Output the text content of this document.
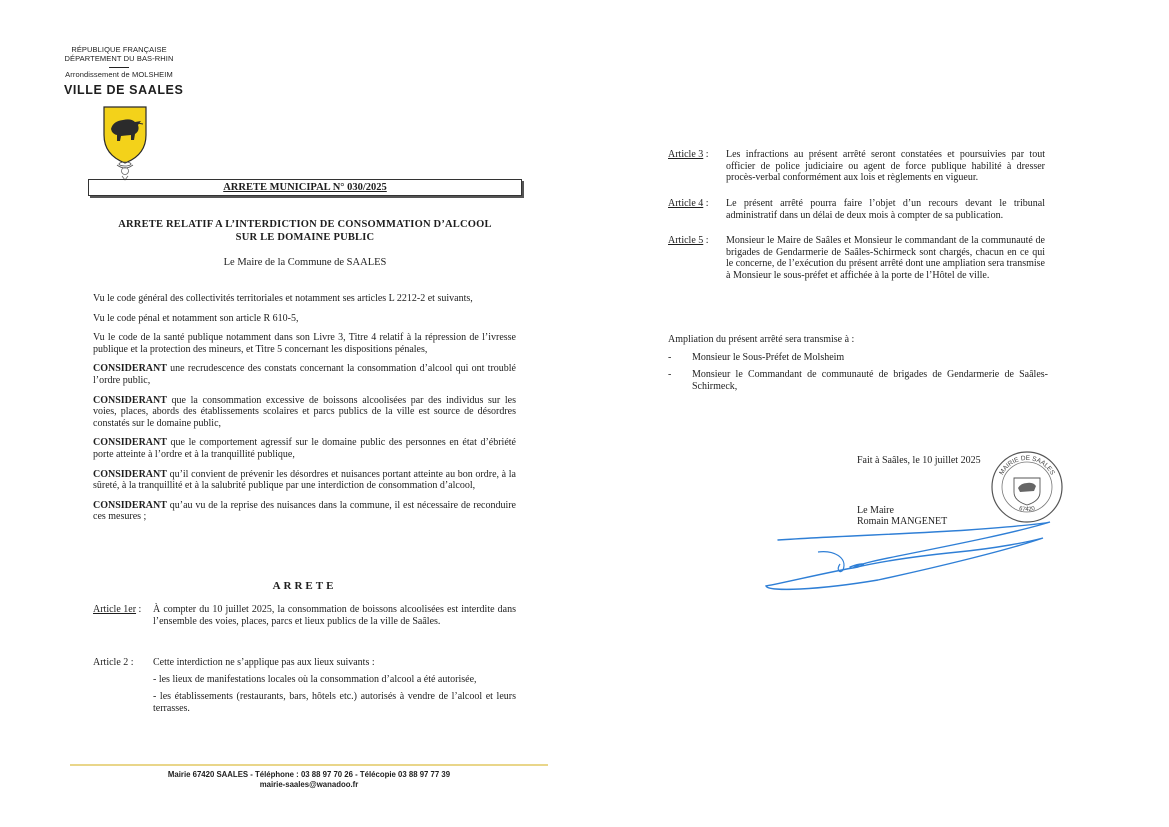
RÉPUBLIQUE FRANÇAISE
DÉPARTEMENT DU BAS-RHIN
Arrondissement de MOLSHEIM
VILLE DE SAALES
ARRETE MUNICIPAL N° 030/2025
ARRETE RELATIF A L’INTERDICTION DE CONSOMMATION D’ALCOOL
SUR LE DOMAINE PUBLIC
Le Maire de la Commune de SAALES

Vu le code général des collectivités territoriales et notamment ses articles L 2212-2 et suivants,

Vu le code pénal et notamment son article R 610-5,

Vu le code de la santé publique notamment dans son Livre 3, Titre 4 relatif à la répression de l’ivresse publique et la protection des mineurs, et Titre 5 concernant les dispositions pénales,

CONSIDERANT une recrudescence des constats concernant la consommation d’alcool qui ont troublé l’ordre public,

CONSIDERANT que la consommation excessive de boissons alcoolisées par des individus sur les voies, places, abords des établissements scolaires et parcs publics de la ville est source de désordres constatés sur le domaine public,

CONSIDERANT que le comportement agressif sur le domaine public des personnes en état d’ébriété porte atteinte à l’ordre et à la tranquillité publique,

CONSIDERANT qu’il convient de prévenir les désordres et nuisances portant atteinte au bon ordre, à la sûreté, à la tranquillité et à la salubrité publique par une interdiction de consommation d’alcool,

CONSIDERANT qu’au vu de la reprise des nuisances dans la commune, il est nécessaire de reconduire ces mesures ;

ARRETE
Article 1er : À compter du 10 juillet 2025, la consommation de boissons alcoolisées est interdite dans l’ensemble des voies, places, parcs et lieux publics de la ville de Saâles.
Article 2 : Cette interdiction ne s’applique pas aux lieux suivants :
- les lieux de manifestations locales où la consommation d’alcool a été autorisée,
- les établissements (restaurants, bars, hôtels etc.) autorisés à vendre de l’alcool et leurs terrasses.
Mairie 67420 SAALES - Téléphone : 03 88 97 70 26 - Télécopie 03 88 97 77 39
mairie-saales@wanadoo.fr
Article 3 : Les infractions au présent arrêté seront constatées et poursuivies par tout officier de police judiciaire ou agent de force publique habilité à dresser procès-verbal conformément aux lois et règlements en vigueur.
Article 4 : Le présent arrêté pourra faire l’objet d’un recours devant le tribunal administratif dans un délai de deux mois à compter de sa publication.
Article 5 : Monsieur le Maire de Saâles et Monsieur le commandant de la communauté de brigades de Gendarmerie de Saâles-Schirmeck sont chargés, chacun en ce qui le concerne, de l’exécution du présent arrêté dont une ampliation sera transmise à Monsieur le sous-préfet et affichée à la porte de l’Hôtel de ville.
Ampliation du présent arrêté sera transmise à :
- Monsieur le Sous-Préfet de Molsheim
- Monsieur le Commandant de communauté de brigades de Gendarmerie de Saâles-Schirmeck,
Fait à Saâles, le 10 juillet 2025
Le Maire
Romain MANGENET
MAIRIE DE SAALES
67420
